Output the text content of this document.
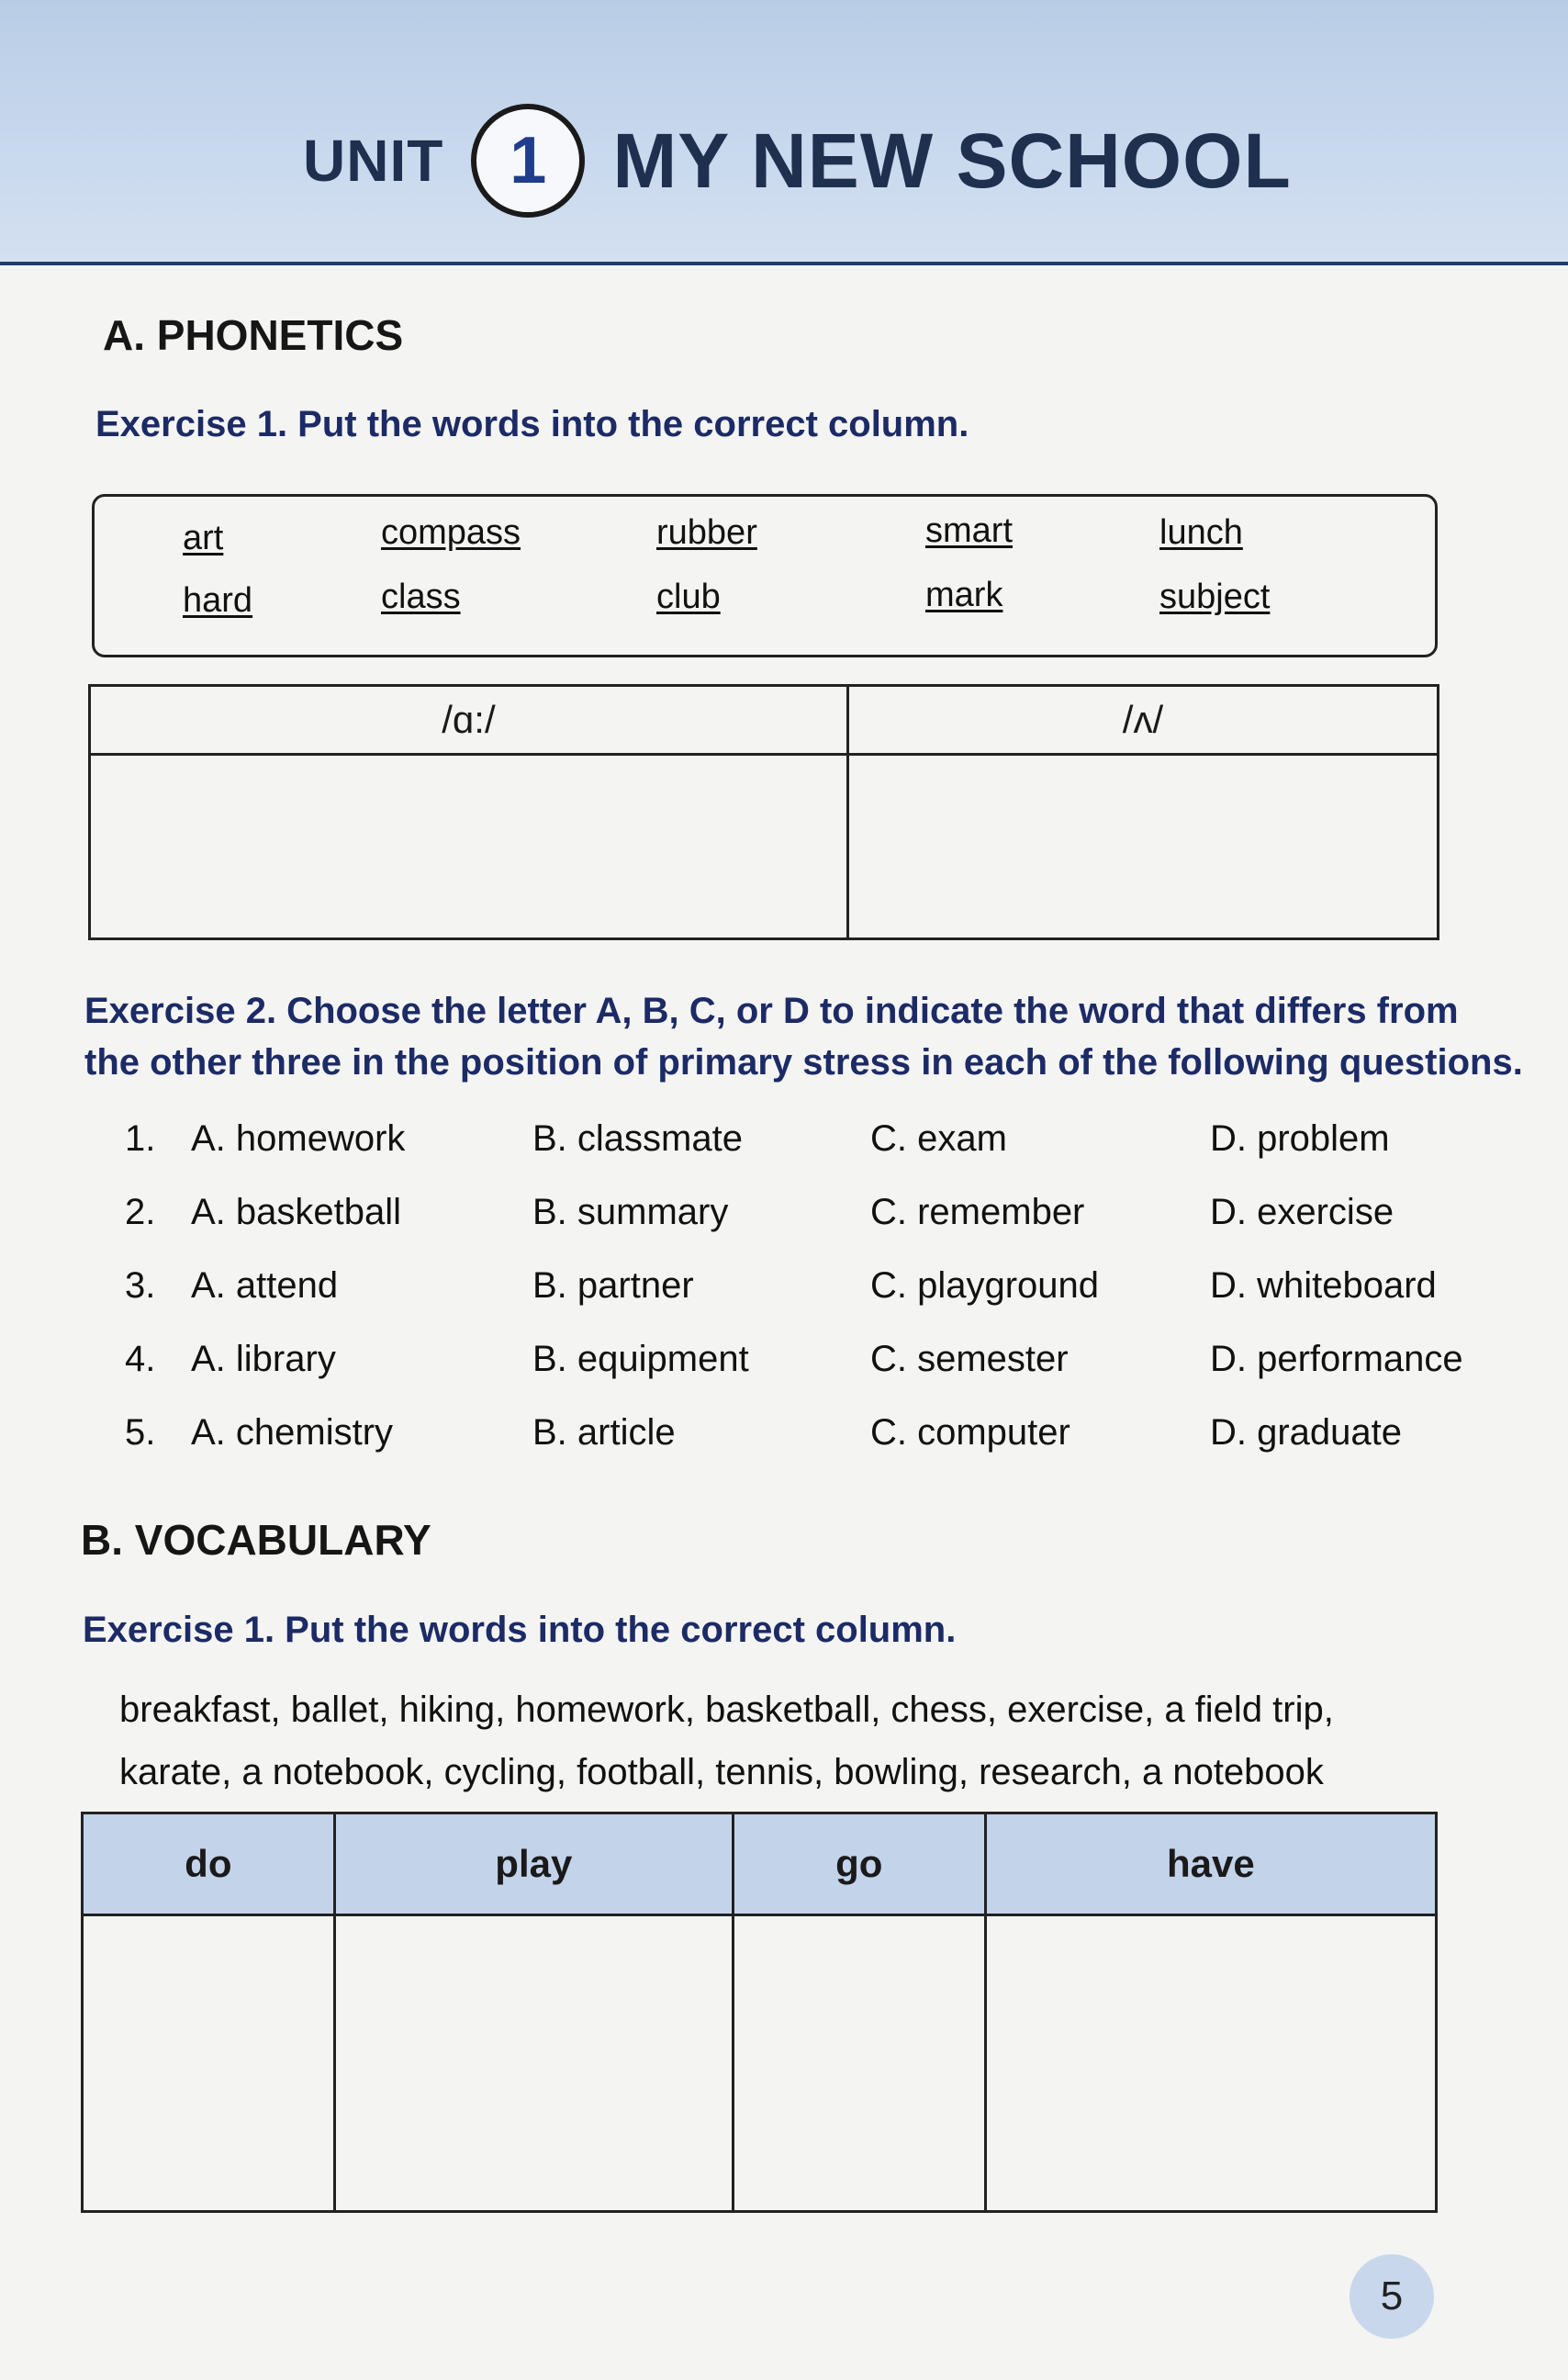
UNIT 1 MY NEW SCHOOL
A. PHONETICS
Exercise 1. Put the words into the correct column.
art	compass	rubber	smart	lunch
hard	class	club	mark	subject
/ɑ:/	/ʌ/

Exercise 2. Choose the letter A, B, C, or D to indicate the word that differs from
the other three in the position of primary stress in each of the following questions.
1. A. homework	B. classmate	C. exam	D. problem
2. A. basketball	B. summary	C. remember	D. exercise
3. A. attend	B. partner	C. playground	D. whiteboard
4. A. library	B. equipment	C. semester	D. performance
5. A. chemistry	B. article	C. computer	D. graduate
B. VOCABULARY
Exercise 1. Put the words into the correct column.
breakfast, ballet, hiking, homework, basketball, chess, exercise, a field trip,
karate, a notebook, cycling, football, tennis, bowling, research, a notebook
do	play	go	have

5
